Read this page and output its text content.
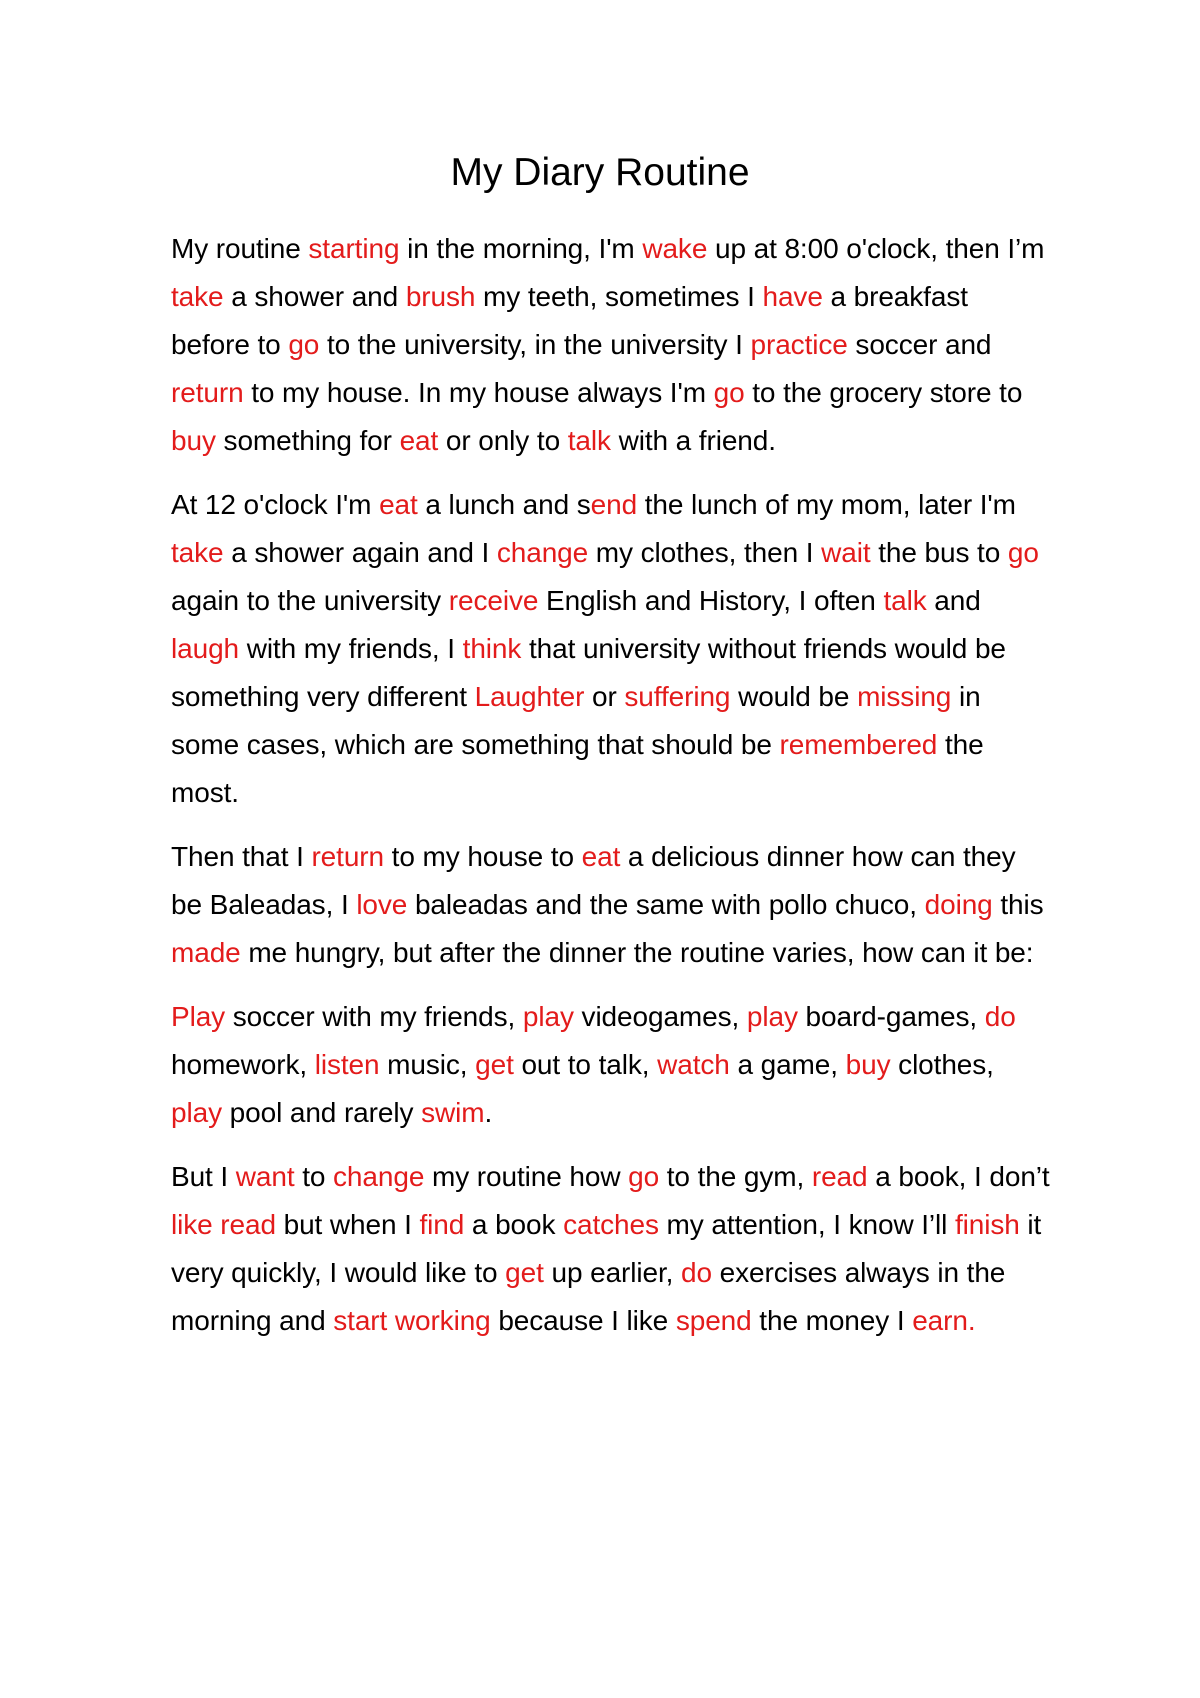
My Diary Routine

My routine starting in the morning, I'm wake up at 8:00 o'clock, then I’m take a shower and brush my teeth, sometimes I have a breakfast before to go to the university, in the university I practice soccer and return to my house. In my house always I'm go to the grocery store to buy something for eat or only to talk with a friend.

At 12 o'clock I'm eat a lunch and send the lunch of my mom, later I'm take a shower again and I change my clothes, then I wait the bus to go again to the university receive English and History, I often talk and laugh with my friends, I think that university without friends would be something very different Laughter or suffering would be missing in some cases, which are something that should be remembered the most.

Then that I return to my house to eat a delicious dinner how can they be Baleadas, I love baleadas and the same with pollo chuco, doing this made me hungry, but after the dinner the routine varies, how can it be:

Play soccer with my friends, play videogames, play board-games, do homework, listen music, get out to talk, watch a game, buy clothes, play pool and rarely swim.

But I want to change my routine how go to the gym, read a book, I don’t like read but when I find a book catches my attention, I know I’ll finish it very quickly, I would like to get up earlier, do exercises always in the morning and start working because I like spend the money I earn.
